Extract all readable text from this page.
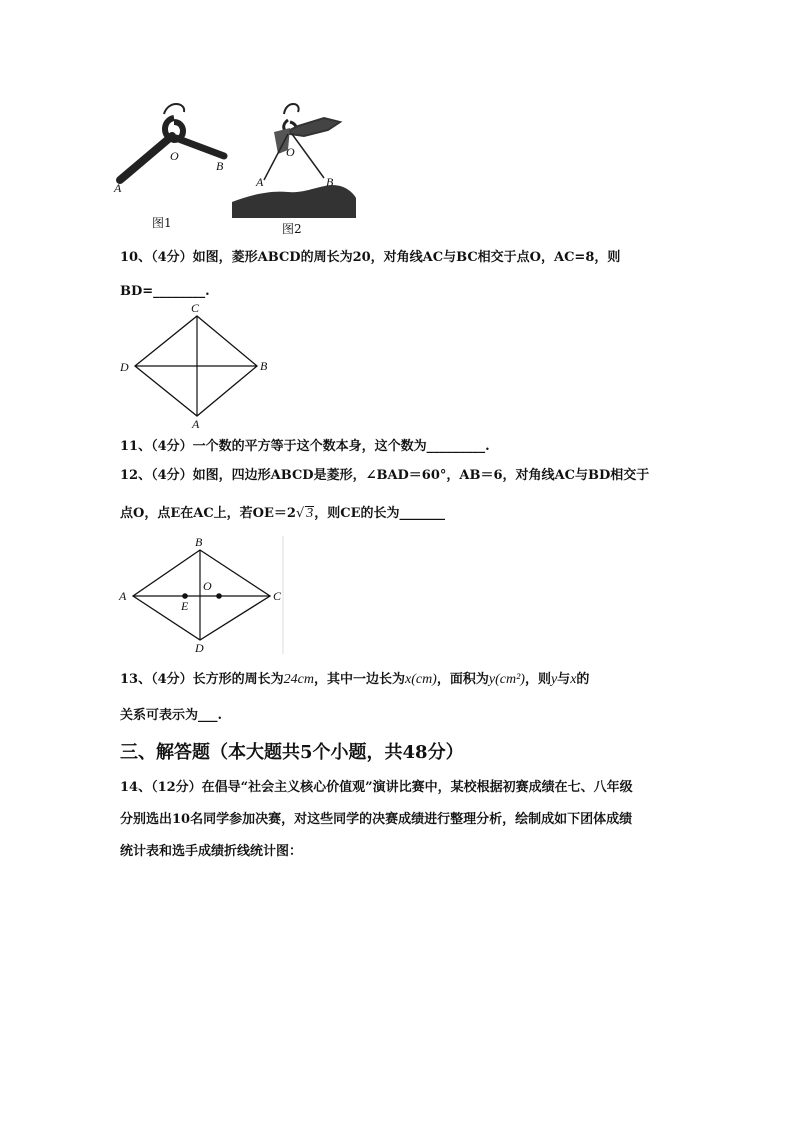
A
O
B
图1
A
O
B
图2
10、（4分）如图，菱形ABCD的周长为20，对角线AC与BC相交于点O，AC=8，则
BD=________.
C
D	B
A
11、（4分）一个数的平方等于这个数本身，这个数为_________.
12、（4分）如图，四边形ABCD是菱形，∠BAD＝60°，AB＝6，对角线AC与BD相交于
点O，点E在AC上，若OE＝2√ 3，则CE的长为_______
B
A
O
C
E
D
13、（4分）长方形的周长为24cm，其中一边长为x(cm)，面积为y(cm²)，则y与x的
关系可表示为___.
三、解答题（本大题共5个小题，共48分）
14、（12分）在倡导“社会主义核心价值观”演讲比赛中，某校根据初赛成绩在七、八年级
分别选出10名同学参加决赛，对这些同学的决赛成绩进行整理分析，绘制成如下团体成绩
统计表和选手成绩折线统计图：
